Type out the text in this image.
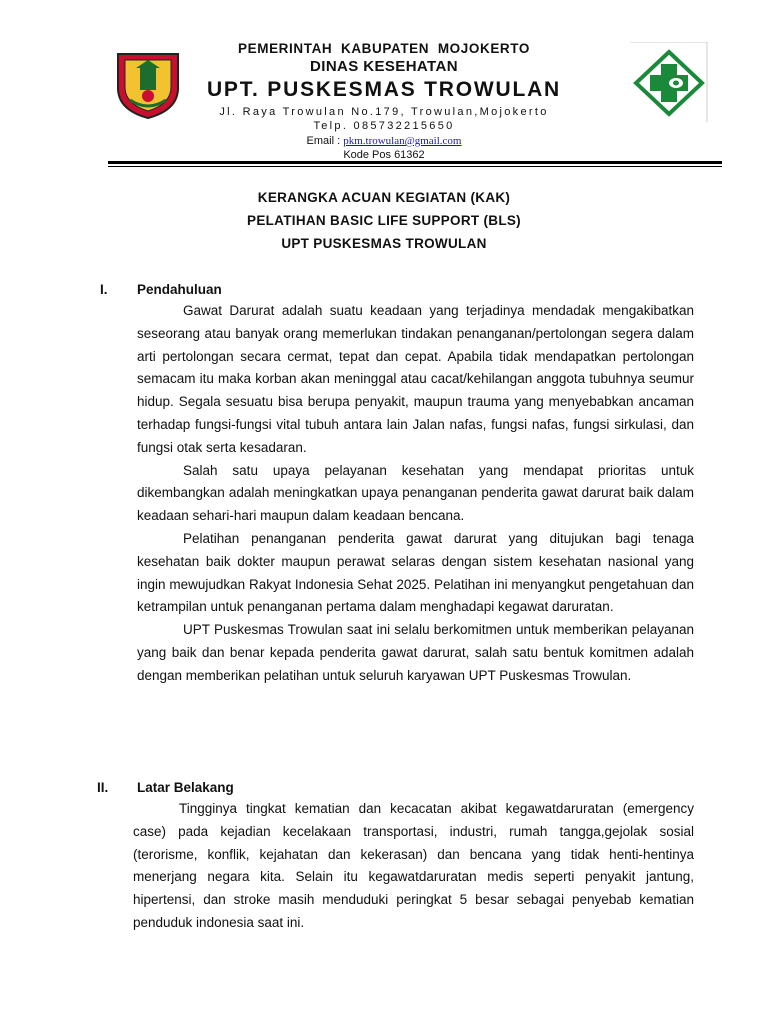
PEMERINTAH  KABUPATEN  MOJOKERTO
DINAS KESEHATAN
UPT. PUSKESMAS TROWULAN
Jl. Raya Trowulan No.179, Trowulan,Mojokerto
Telp. 085732215650
Email : pkm.trowulan@gmail.com
Kode Pos 61362
KERANGKA ACUAN KEGIATAN (KAK)
PELATIHAN BASIC LIFE SUPPORT (BLS)
UPT PUSKESMAS TROWULAN
I. Pendahuluan

Gawat Darurat adalah suatu keadaan yang terjadinya mendadak mengakibatkan seseorang atau banyak orang memerlukan tindakan penanganan/pertolongan segera dalam arti pertolongan secara cermat, tepat dan cepat. Apabila tidak mendapatkan pertolongan semacam itu maka korban akan meninggal atau cacat/kehilangan anggota tubuhnya seumur hidup. Segala sesuatu bisa berupa penyakit, maupun trauma yang menyebabkan ancaman terhadap fungsi-fungsi vital tubuh antara lain Jalan nafas, fungsi nafas, fungsi sirkulasi, dan fungsi otak serta kesadaran.

Salah satu upaya pelayanan kesehatan yang mendapat prioritas untuk dikembangkan adalah meningkatkan upaya penanganan penderita gawat darurat baik dalam keadaan sehari-hari maupun dalam keadaan bencana.

Pelatihan penanganan penderita gawat darurat yang ditujukan bagi tenaga kesehatan baik dokter maupun perawat selaras dengan sistem kesehatan nasional yang ingin mewujudkan Rakyat Indonesia Sehat 2025. Pelatihan ini menyangkut pengetahuan dan ketrampilan untuk penanganan pertama dalam menghadapi kegawat daruratan.

UPT Puskesmas Trowulan saat ini selalu berkomitmen untuk memberikan pelayanan yang baik dan benar kepada penderita gawat darurat, salah satu bentuk komitmen adalah dengan memberikan pelatihan untuk seluruh karyawan UPT Puskesmas Trowulan.

II. Latar Belakang

Tingginya tingkat kematian dan kecacatan akibat kegawatdaruratan (emergency case) pada kejadian kecelakaan transportasi, industri, rumah tangga,gejolak sosial (terorisme, konflik, kejahatan dan kekerasan) dan bencana yang tidak henti-hentinya menerjang negara kita. Selain itu kegawatdaruratan medis seperti penyakit jantung, hipertensi, dan stroke masih menduduki peringkat 5 besar sebagai penyebab kematian penduduk indonesia saat ini.
